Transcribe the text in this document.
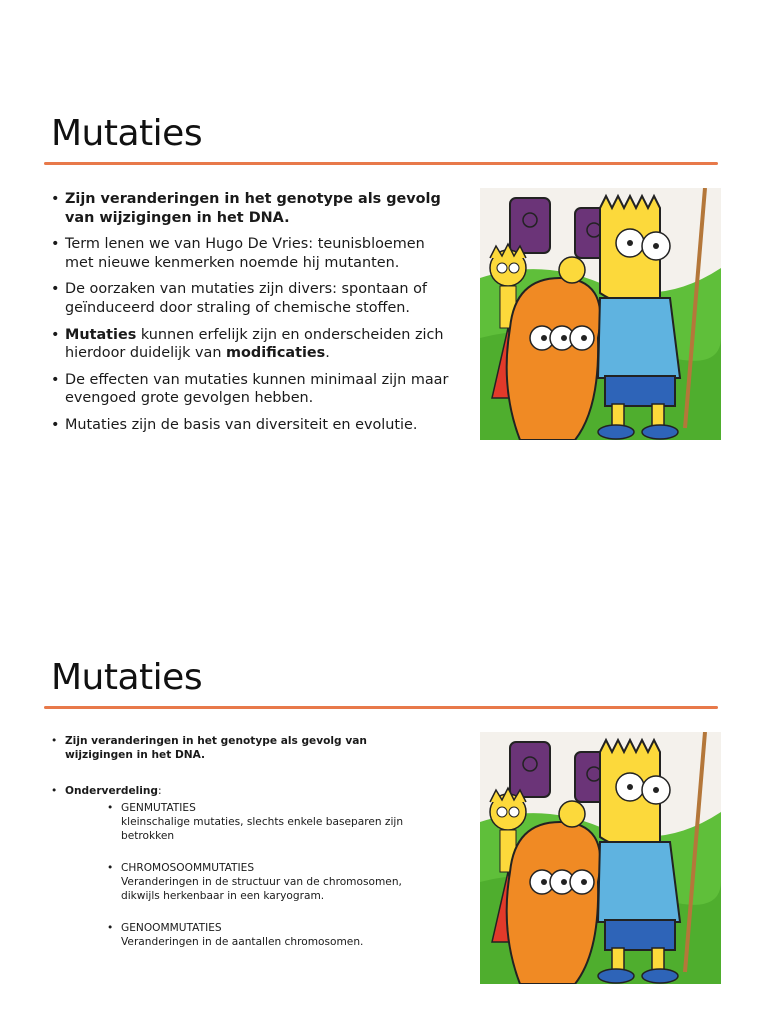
Mutaties
• Zijn veranderingen in het genotype als gevolg van wijzigingen in het DNA.
• Term lenen we van Hugo De Vries: teunisbloemen met nieuwe kenmerken noemde hij mutanten.
• De oorzaken van mutaties zijn divers: spontaan of geïnduceerd door straling of chemische stoffen.
• Mutaties kunnen erfelijk zijn en onderscheiden zich hierdoor duidelijk van modificaties.
• De effecten van mutaties kunnen minimaal zijn maar evengoed grote gevolgen hebben.
• Mutaties zijn de basis van diversiteit en evolutie.
Mutaties
• Zijn veranderingen in het genotype als gevolg van wijzigingen in het DNA.
• Onderverdeling:
• GENMUTATIES
kleinschalige mutaties, slechts enkele baseparen zijn betrokken
• CHROMOSOOMMUTATIES
Veranderingen in de structuur van de chromosomen, dikwijls herkenbaar in een karyogram.
• GENOOMMUTATIES
Veranderingen in de aantallen chromosomen.
